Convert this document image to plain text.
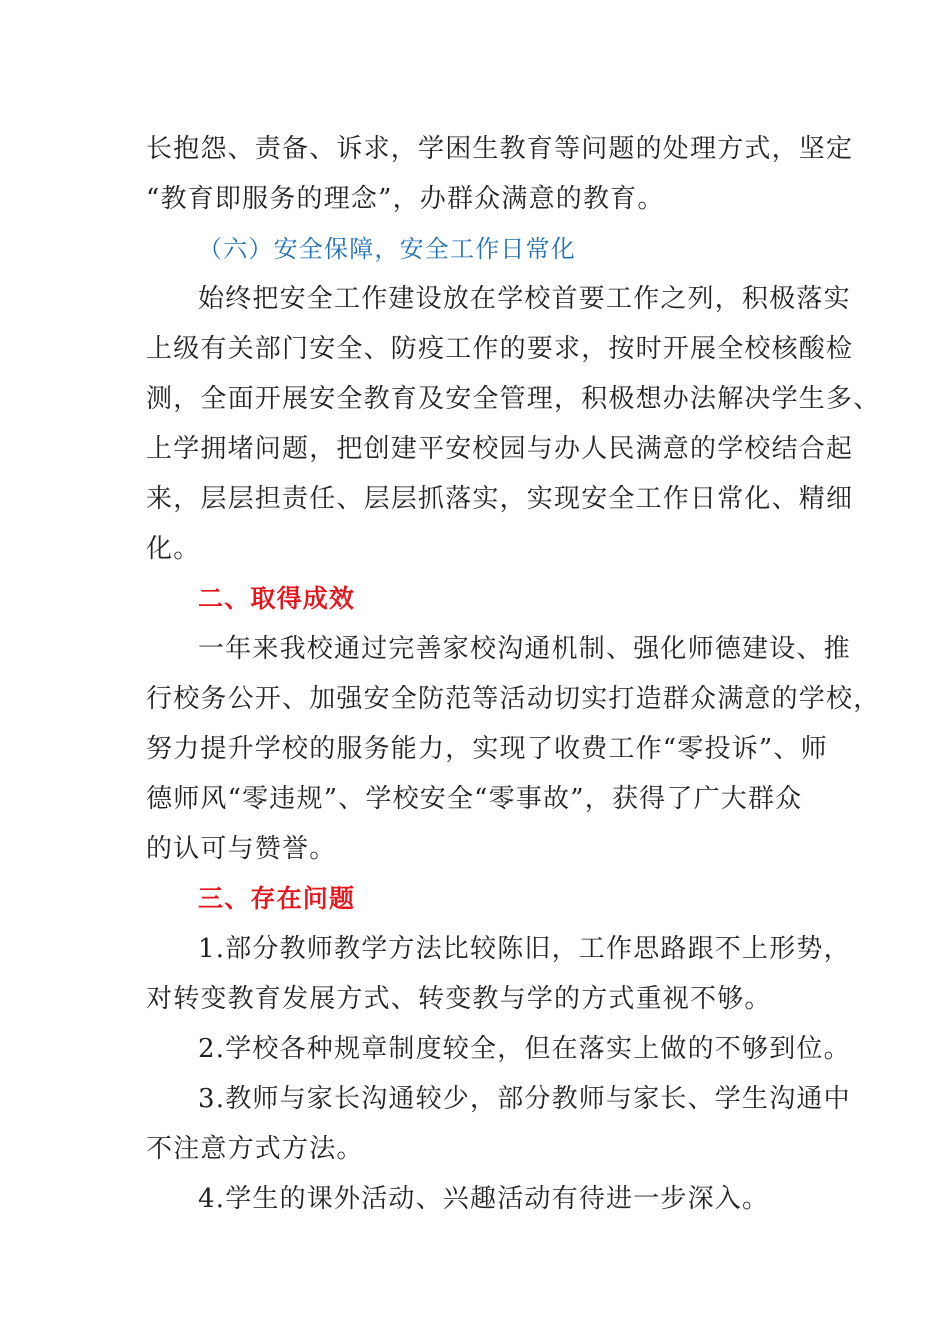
长抱怨、责备、诉求，学困生教育等问题的处理方式，坚定
“教育即服务的理念”，办群众满意的教育。
（六）安全保障，安全工作日常化
始终把安全工作建设放在学校首要工作之列，积极落实
上级有关部门安全、防疫工作的要求，按时开展全校核酸检
测，全面开展安全教育及安全管理，积极想办法解决学生多、
上学拥堵问题，把创建平安校园与办人民满意的学校结合起
来，层层担责任、层层抓落实，实现安全工作日常化、精细
化。
二、取得成效
一年来我校通过完善家校沟通机制、强化师德建设、推
行校务公开、加强安全防范等活动切实打造群众满意的学校，
努力提升学校的服务能力，实现了收费工作“零投诉”、师
德师风“零违规”、学校安全“零事故”，获得了广大群众
的认可与赞誉。
三、存在问题
1.部分教师教学方法比较陈旧，工作思路跟不上形势，
对转变教育发展方式、转变教与学的方式重视不够。
2.学校各种规章制度较全，但在落实上做的不够到位。
3.教师与家长沟通较少，部分教师与家长、学生沟通中
不注意方式方法。
4.学生的课外活动、兴趣活动有待进一步深入。
